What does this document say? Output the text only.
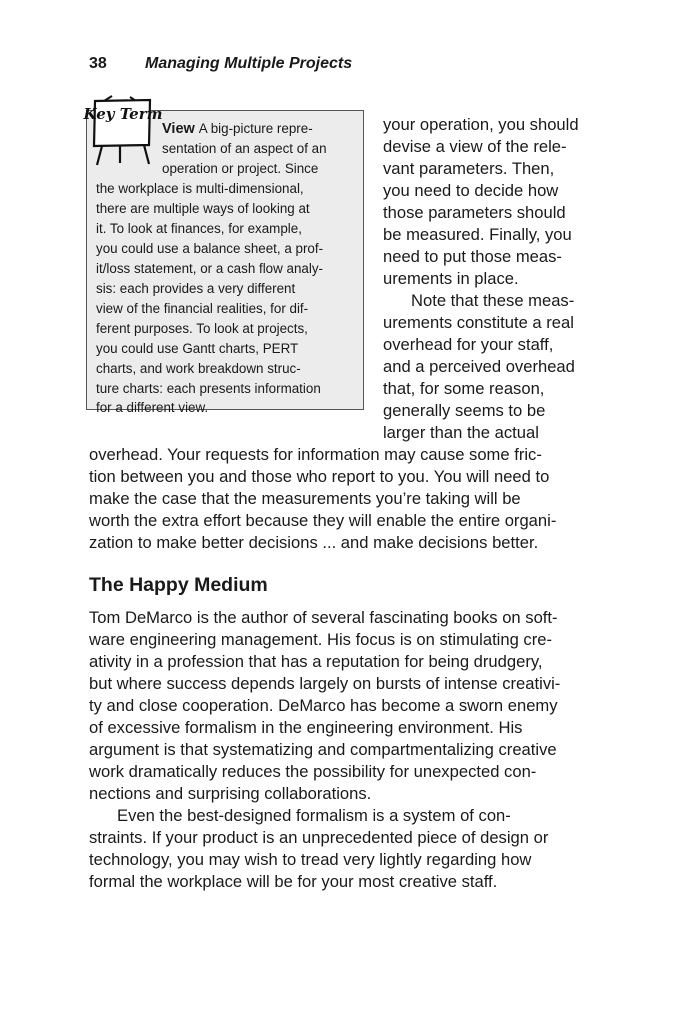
38 Managing Multiple Projects
Key Term
View A big-picture repre-
sentation of an aspect of an
operation or project. Since
the workplace is multi-dimensional,
there are multiple ways of looking at
it. To look at finances, for example,
you could use a balance sheet, a prof-
it/loss statement, or a cash flow analy-
sis: each provides a very different
view of the financial realities, for dif-
ferent purposes. To look at projects,
you could use Gantt charts, PERT
charts, and work breakdown struc-
ture charts: each presents information
for a different view.
your operation, you should
devise a view of the rele-
vant parameters. Then,
you need to decide how
those parameters should
be measured. Finally, you
need to put those meas-
urements in place.
Note that these meas-
urements constitute a real
overhead for your staff,
and a perceived overhead
that, for some reason,
generally seems to be
larger than the actual
overhead. Your requests for information may cause some fric-
tion between you and those who report to you. You will need to
make the case that the measurements you’re taking will be
worth the extra effort because they will enable the entire organi-
zation to make better decisions ... and make decisions better.
The Happy Medium
Tom DeMarco is the author of several fascinating books on soft-
ware engineering management. His focus is on stimulating cre-
ativity in a profession that has a reputation for being drudgery,
but where success depends largely on bursts of intense creativi-
ty and close cooperation. DeMarco has become a sworn enemy
of excessive formalism in the engineering environment. His
argument is that systematizing and compartmentalizing creative
work dramatically reduces the possibility for unexpected con-
nections and surprising collaborations.
Even the best-designed formalism is a system of con-
straints. If your product is an unprecedented piece of design or
technology, you may wish to tread very lightly regarding how
formal the workplace will be for your most creative staff.
